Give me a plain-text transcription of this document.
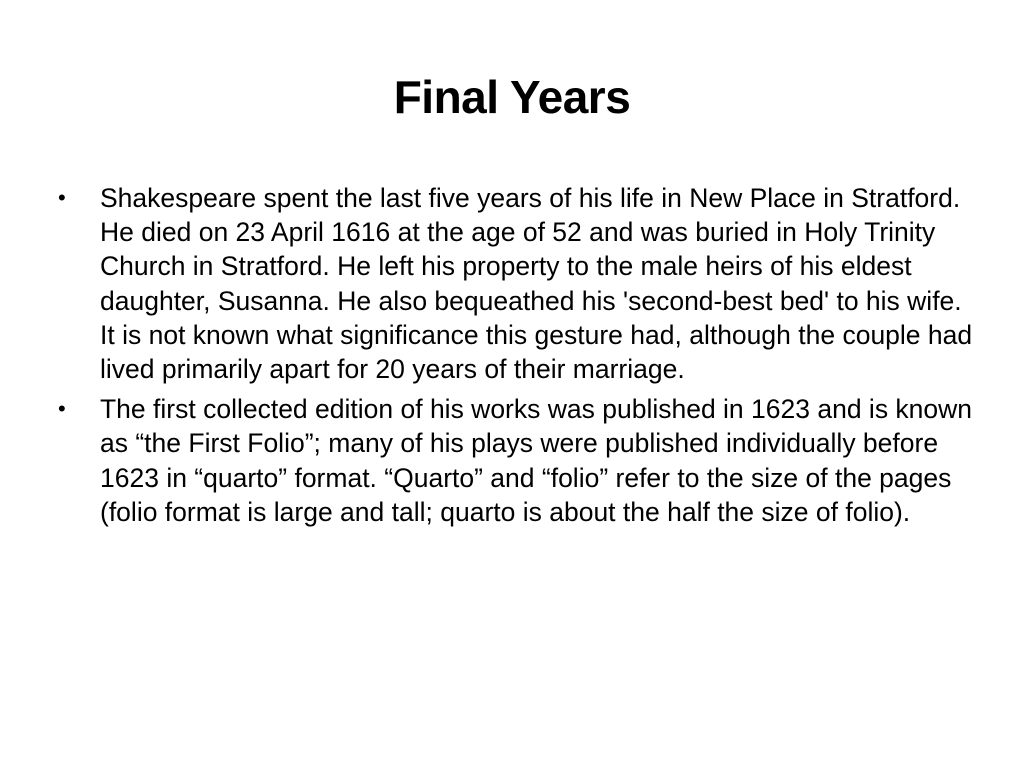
Final Years
•	Shakespeare spent the last five years of his life in New Place in Stratford. He died on 23 April 1616 at the age of 52 and was buried in Holy Trinity Church in Stratford. He left his property to the male heirs of his eldest daughter, Susanna. He also bequeathed his 'second-best bed' to his wife. It is not known what significance this gesture had, although the couple had lived primarily apart for 20 years of their marriage.
•	The first collected edition of his works was published in 1623 and is known as “the First Folio”; many of his plays were published individually before 1623 in “quarto” format. “Quarto” and “folio” refer to the size of the pages (folio format is large and tall; quarto is about the half the size of folio).
